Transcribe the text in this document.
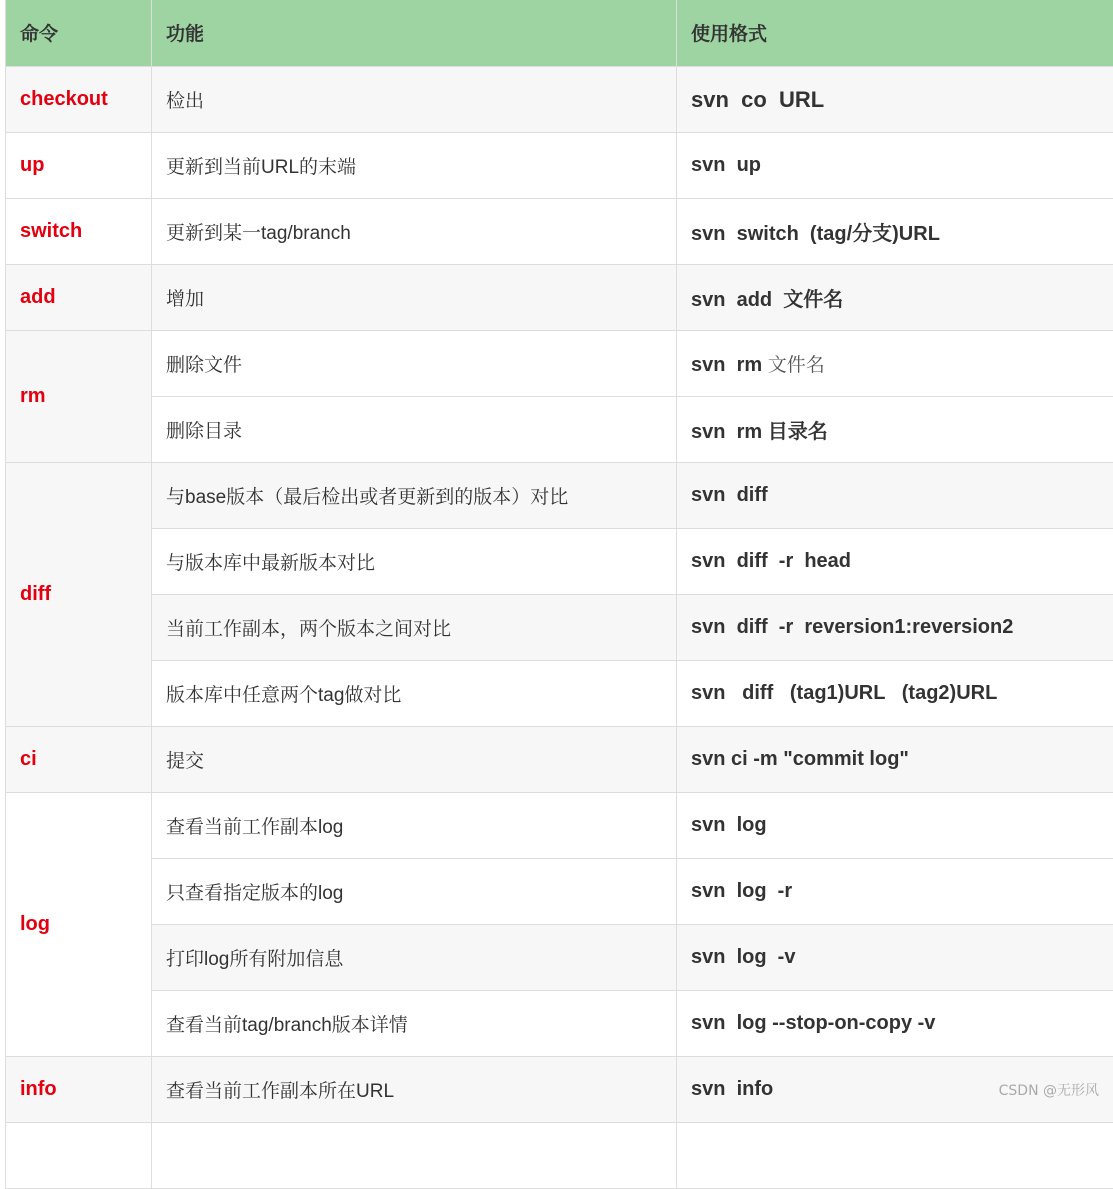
命令	功能	使用格式
checkout	检出	svn  co  URL
up	更新到当前URL的末端	svn  up
switch	更新到某一tag/branch	svn  switch  (tag/分支)URL
add	增加	svn  add  文件名
rm	删除文件	svn  rm 文件名
	删除目录	svn  rm 目录名
diff	与base版本（最后检出或者更新到的版本）对比	svn  diff
	与版本库中最新版本对比	svn  diff  -r  head
	当前工作副本，两个版本之间对比	svn  diff  -r  reversion1:reversion2
	版本库中任意两个tag做对比	svn   diff   (tag1)URL   (tag2)URL
ci	提交	svn ci -m "commit log"
log	查看当前工作副本log	svn  log
	只查看指定版本的log	svn  log  -r
	打印log所有附加信息	svn  log  -v
	查看当前tag/branch版本详情	svn  log --stop-on-copy -v
info	查看当前工作副本所在URL	svn  info
			CSDN @无形风
